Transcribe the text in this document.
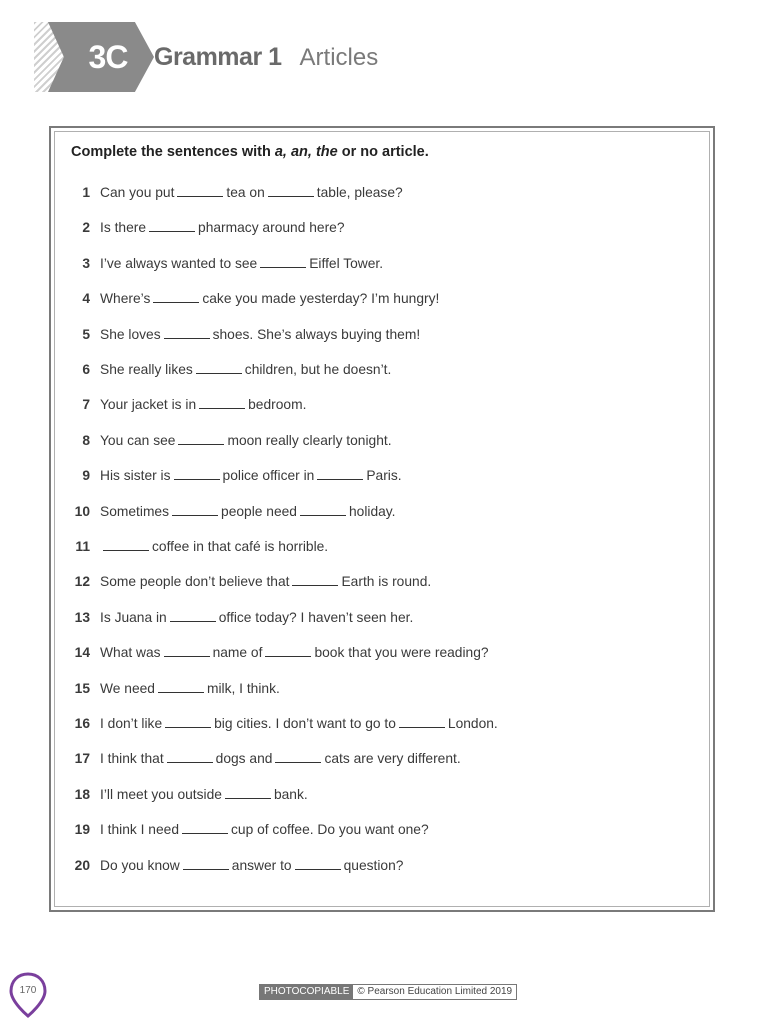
3C	Grammar 1 Articles
Complete the sentences with a, an, the or no article.
1 Can you put	tea on	table, please?
2 Is there	pharmacy around here?
3 I’ve always wanted to see	Eiffel Tower.
4 Where’s	cake you made yesterday? I’m hungry!
5 She loves	shoes. She’s always buying them!
6 She really likes	children, but he doesn’t.
7 Your jacket is in	bedroom.
8 You can see	moon really clearly tonight.
9 His sister is	police officer in	Paris.
10 Sometimes	people need	holiday.
11	coffee in that café is horrible.
12 Some people don’t believe that	Earth is round.
13 Is Juana in	office today? I haven’t seen her.
14 What was	name of	book that you were reading?
15 We need	milk, I think.
16 I don’t like	big cities. I don’t want to go to	London.
17 I think that	dogs and	cats are very different.
18 I’ll meet you outside	bank.
19 I think I need	cup of coffee. Do you want one?
20 Do you know	answer to	question?
170	PHOTOCOPIABLE © Pearson Education Limited 2019
